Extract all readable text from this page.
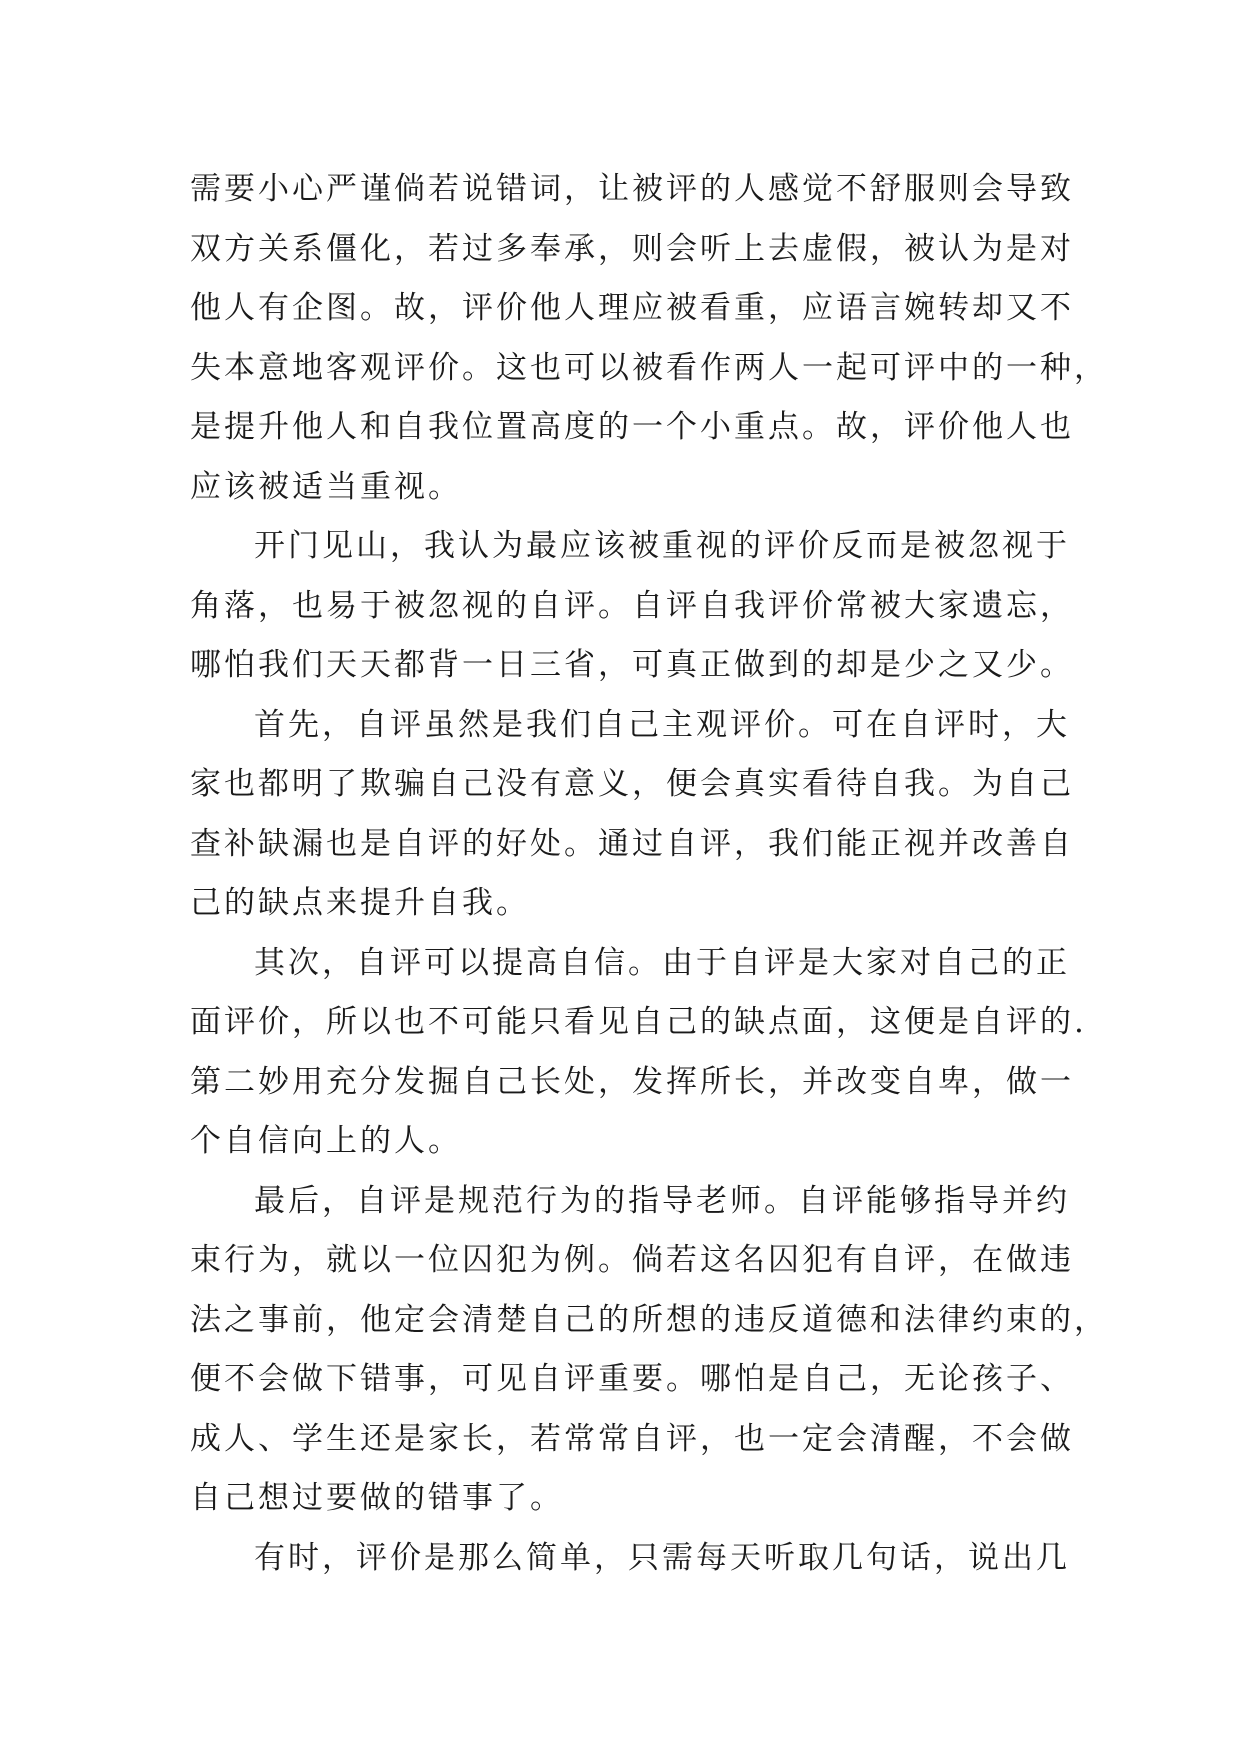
需要小心严谨倘若说错词，让被评的人感觉不舒服则会导致
双方关系僵化，若过多奉承，则会听上去虚假，被认为是对
他人有企图。故，评价他人理应被看重，应语言婉转却又不
失本意地客观评价。这也可以被看作两人一起可评中的一种，
是提升他人和自我位置高度的一个小重点。故，评价他人也
应该被适当重视。
开门见山，我认为最应该被重视的评价反而是被忽视于
角落，也易于被忽视的自评。自评自我评价常被大家遗忘，
哪怕我们天天都背一日三省，可真正做到的却是少之又少。
首先，自评虽然是我们自己主观评价。可在自评时，大
家也都明了欺骗自己没有意义，便会真实看待自我。为自己
查补缺漏也是自评的好处。通过自评，我们能正视并改善自
己的缺点来提升自我。
其次，自评可以提高自信。由于自评是大家对自己的正
面评价，所以也不可能只看见自己的缺点面，这便是自评的.
第二妙用充分发掘自己长处，发挥所长，并改变自卑，做一
个自信向上的人。
最后，自评是规范行为的指导老师。自评能够指导并约
束行为，就以一位囚犯为例。倘若这名囚犯有自评，在做违
法之事前，他定会清楚自己的所想的违反道德和法律约束的，
便不会做下错事，可见自评重要。哪怕是自己，无论孩子、
成人、学生还是家长，若常常自评，也一定会清醒，不会做
自己想过要做的错事了。
有时，评价是那么简单，只需每天听取几句话，说出几
